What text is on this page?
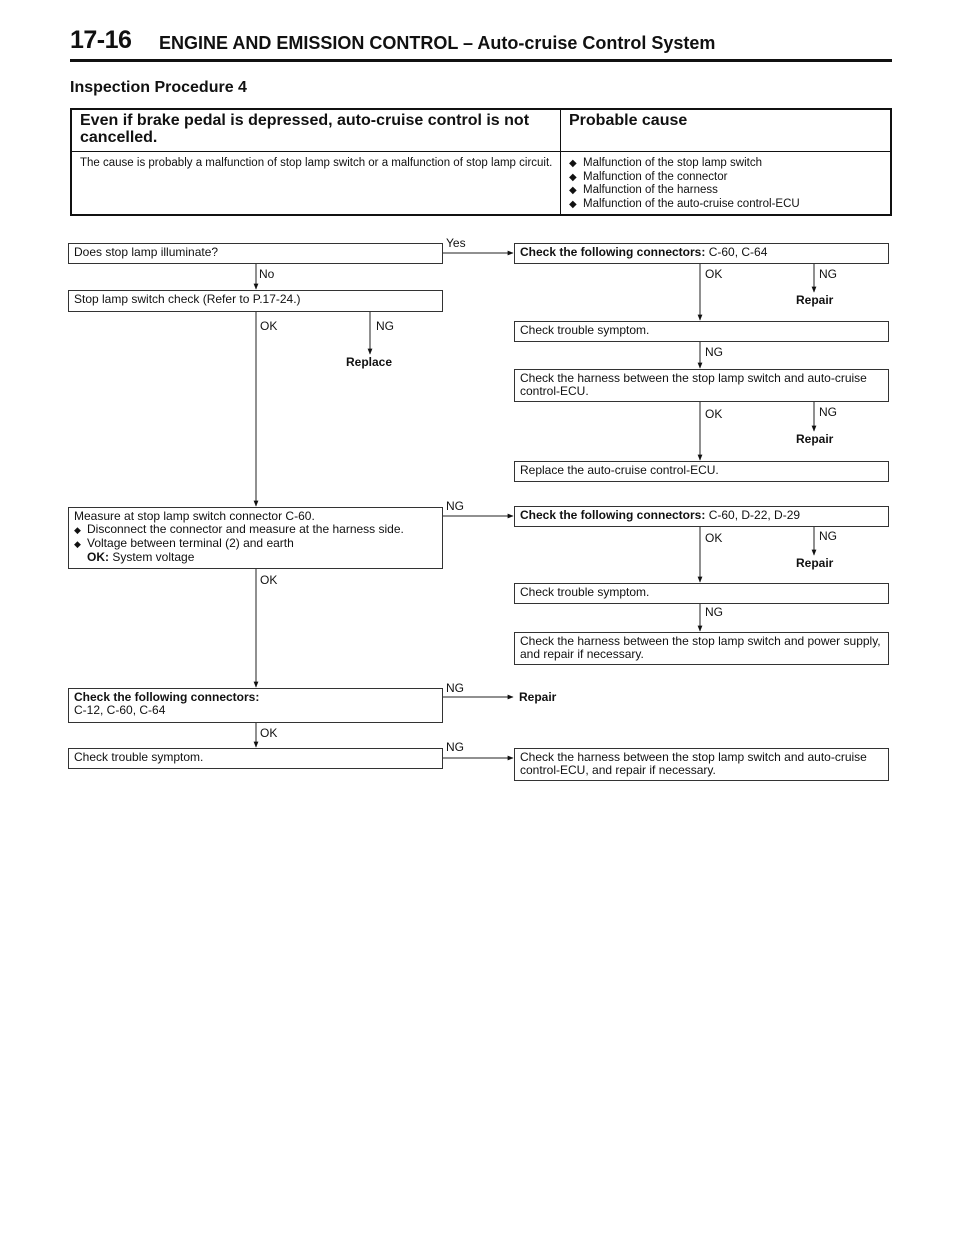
17-16 ENGINE AND EMISSION CONTROL – Auto-cruise Control System
Inspection Procedure 4
Even if brake pedal is depressed, auto-cruise control is not cancelled.
Probable cause
The cause is probably a malfunction of stop lamp switch or a malfunction of stop lamp circuit.
◆	Malfunction of the stop lamp switch
◆ Malfunction of the connector
◆ Malfunction of the harness
◆ Malfunction of the auto-cruise control-ECU
Does stop lamp illuminate?
Stop lamp switch check (Refer to P.17-24.)
Measure at stop lamp switch connector C-60.
◆ Disconnect the connector and measure at the harness side.
◆ Voltage between terminal (2) and earth
OK: System voltage
Check the following connectors:
C-12, C-60, C-64
Check trouble symptom.
Check the following connectors: C-60, C-64
Check trouble symptom.
Check the harness between the stop lamp switch and auto-cruise control-ECU.
Replace the auto-cruise control-ECU.
Check the following connectors: C-60, D-22, D-29
Check trouble symptom.
Check the harness between the stop lamp switch and power supply, and repair if necessary.
Check the harness between the stop lamp switch and auto-cruise control-ECU, and repair if necessary.
Yes
No
OK	NG
Replace
OK	NG
Repair
NG
OK	NG
Repair
NG
OK	NG
Repair
OK
NG
NG
Repair
OK
NG
